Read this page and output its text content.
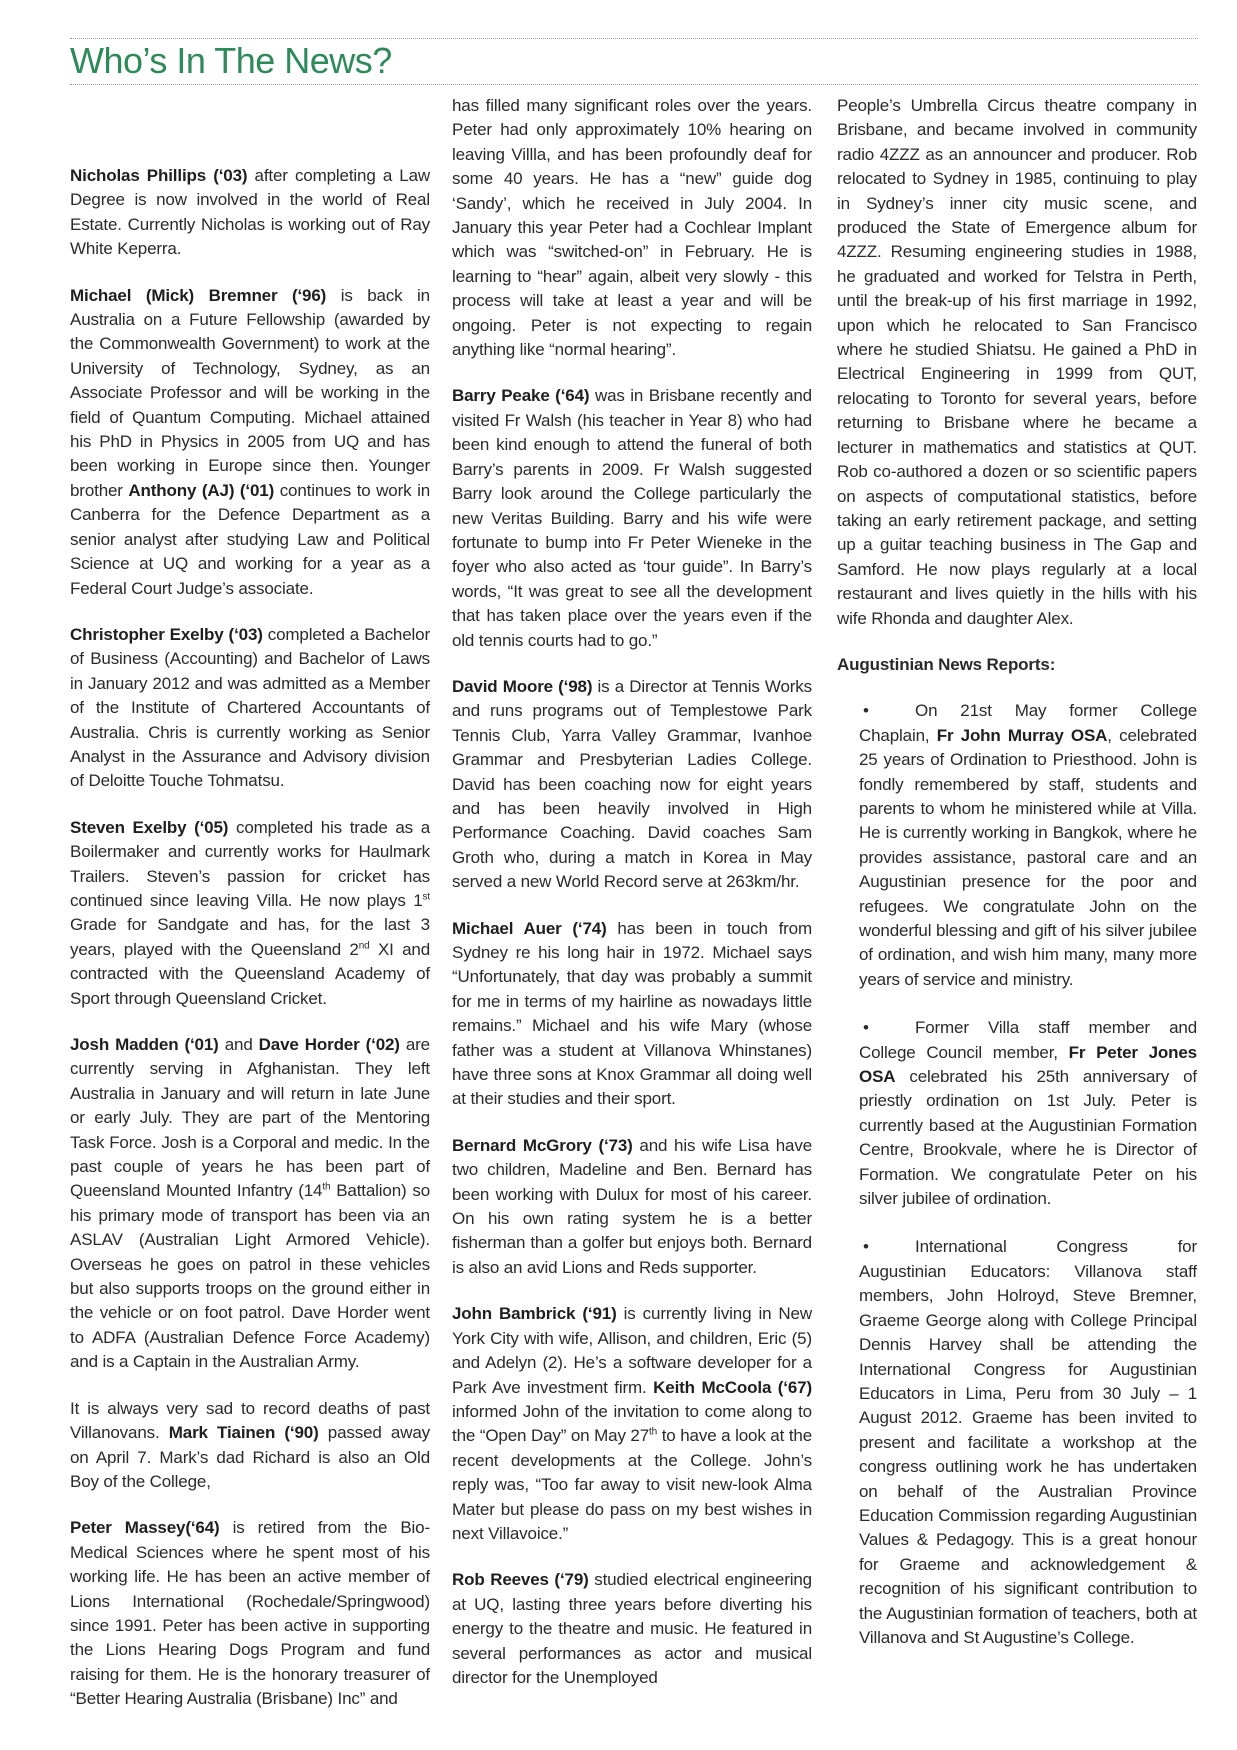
Who’s In The News?

Nicholas Phillips (‘03) after completing a Law Degree is now involved in the world of Real Estate. Currently Nicholas is working out of Ray White Keperra.

Michael (Mick) Bremner (‘96) is back in Australia on a Future Fellowship (awarded by the Commonwealth Government) to work at the University of Technology, Sydney, as an Associate Professor and will be working in the field of Quantum Computing. Michael attained his PhD in Physics in 2005 from UQ and has been working in Europe since then. Younger brother Anthony (AJ) (‘01) continues to work in Canberra for the Defence Department as a senior analyst after studying Law and Political Science at UQ and working for a year as a Federal Court Judge’s associate.

Christopher Exelby (‘03) completed a Bachelor of Business (Accounting) and Bachelor of Laws in January 2012 and was admitted as a Member of the Institute of Chartered Accountants of Australia. Chris is currently working as Senior Analyst in the Assurance and Advisory division of Deloitte Touche Tohmatsu.

Steven Exelby (‘05) completed his trade as a Boilermaker and currently works for Haulmark Trailers. Steven’s passion for cricket has continued since leaving Villa. He now plays 1st Grade for Sandgate and has, for the last 3 years, played with the Queensland 2nd XI and contracted with the Queensland Academy of Sport through Queensland Cricket.

Josh Madden (‘01) and Dave Horder (‘02) are currently serving in Afghanistan. They left Australia in January and will return in late June or early July. They are part of the Mentoring Task Force. Josh is a Corporal and medic. In the past couple of years he has been part of Queensland Mounted Infantry (14th Battalion) so his primary mode of transport has been via an ASLAV (Australian Light Armored Vehicle). Overseas he goes on patrol in these vehicles but also supports troops on the ground either in the vehicle or on foot patrol. Dave Horder went to ADFA (Australian Defence Force Academy) and is a Captain in the Australian Army.

It is always very sad to record deaths of past Villanovans. Mark Tiainen (‘90) passed away on April 7. Mark’s dad Richard is also an Old Boy of the College,

Peter Massey(‘64) is retired from the Bio-Medical Sciences where he spent most of his working life. He has been an active member of Lions International (Rochedale/Springwood) since 1991. Peter has been active in supporting the Lions Hearing Dogs Program and fund raising for them. He is the honorary treasurer of “Better Hearing Australia (Brisbane) Inc” and

has filled many significant roles over the years. Peter had only approximately 10% hearing on leaving Villla, and has been profoundly deaf for some 40 years. He has a “new” guide dog ‘Sandy’, which he received in July 2004. In January this year Peter had a Cochlear Implant which was “switched-on” in February. He is learning to “hear” again, albeit very slowly - this process will take at least a year and will be ongoing. Peter is not expecting to regain anything like “normal hearing”.

Barry Peake (‘64) was in Brisbane recently and visited Fr Walsh (his teacher in Year 8) who had been kind enough to attend the funeral of both Barry’s parents in 2009. Fr Walsh suggested Barry look around the College particularly the new Veritas Building. Barry and his wife were fortunate to bump into Fr Peter Wieneke in the foyer who also acted as ‘tour guide”. In Barry’s words, “It was great to see all the development that has taken place over the years even if the old tennis courts had to go.”

David Moore (‘98) is a Director at Tennis Works and runs programs out of Templestowe Park Tennis Club, Yarra Valley Grammar, Ivanhoe Grammar and Presbyterian Ladies College. David has been coaching now for eight years and has been heavily involved in High Performance Coaching. David coaches Sam Groth who, during a match in Korea in May served a new World Record serve at 263km/hr.

Michael Auer (‘74) has been in touch from Sydney re his long hair in 1972. Michael says “Unfortunately, that day was probably a summit for me in terms of my hairline as nowadays little remains.” Michael and his wife Mary (whose father was a student at Villanova Whinstanes) have three sons at Knox Grammar all doing well at their studies and their sport.

Bernard McGrory (‘73) and his wife Lisa have two children, Madeline and Ben. Bernard has been working with Dulux for most of his career. On his own rating system he is a better fisherman than a golfer but enjoys both. Bernard is also an avid Lions and Reds supporter.

John Bambrick (‘91) is currently living in New York City with wife, Allison, and children, Eric (5) and Adelyn (2). He’s a software developer for a Park Ave investment firm. Keith McCoola (‘67) informed John of the invitation to come along to the “Open Day” on May 27th to have a look at the recent developments at the College. John’s reply was, “Too far away to visit new-look Alma Mater but please do pass on my best wishes in next Villavoice.”

Rob Reeves (‘79) studied electrical engineering at UQ, lasting three years before diverting his energy to the theatre and music. He featured in several performances as actor and musical director for the Unemployed

People’s Umbrella Circus theatre company in Brisbane, and became involved in community radio 4ZZZ as an announcer and producer. Rob relocated to Sydney in 1985, continuing to play in Sydney’s inner city music scene, and produced the State of Emergence album for 4ZZZ. Resuming engineering studies in 1988, he graduated and worked for Telstra in Perth, until the break-up of his first marriage in 1992, upon which he relocated to San Francisco where he studied Shiatsu. He gained a PhD in Electrical Engineering in 1999 from QUT, relocating to Toronto for several years, before returning to Brisbane where he became a lecturer in mathematics and statistics at QUT. Rob co-authored a dozen or so scientific papers on aspects of computational statistics, before taking an early retirement package, and setting up a guitar teaching business in The Gap and Samford. He now plays regularly at a local restaurant and lives quietly in the hills with his wife Rhonda and daughter Alex.

Augustinian News Reports:

•	On 21st May former College Chaplain, Fr John Murray OSA, celebrated 25 years of Ordination to Priesthood. John is fondly remembered by staff, students and parents to whom he ministered while at Villa. He is currently working in Bangkok, where he provides assistance, pastoral care and an Augustinian presence for the poor and refugees. We congratulate John on the wonderful blessing and gift of his silver jubilee of ordination, and wish him many, many more years of service and ministry.
•	Former Villa staff member and College Council member, Fr Peter Jones OSA celebrated his 25th anniversary of priestly ordination on 1st July. Peter is currently based at the Augustinian Formation Centre, Brookvale, where he is Director of Formation. We congratulate Peter on his silver jubilee of ordination.
•	International Congress for Augustinian Educators: Villanova staff members, John Holroyd, Steve Bremner, Graeme George along with College Principal Dennis Harvey shall be attending the International Congress for Augustinian Educators in Lima, Peru from 30 July – 1 August 2012. Graeme has been invited to present and facilitate a workshop at the congress outlining work he has undertaken on behalf of the Australian Province Education Commission regarding Augustinian Values & Pedagogy. This is a great honour for Graeme and acknowledgement & recognition of his significant contribution to the Augustinian formation of teachers, both at Villanova and St Augustine’s College.
